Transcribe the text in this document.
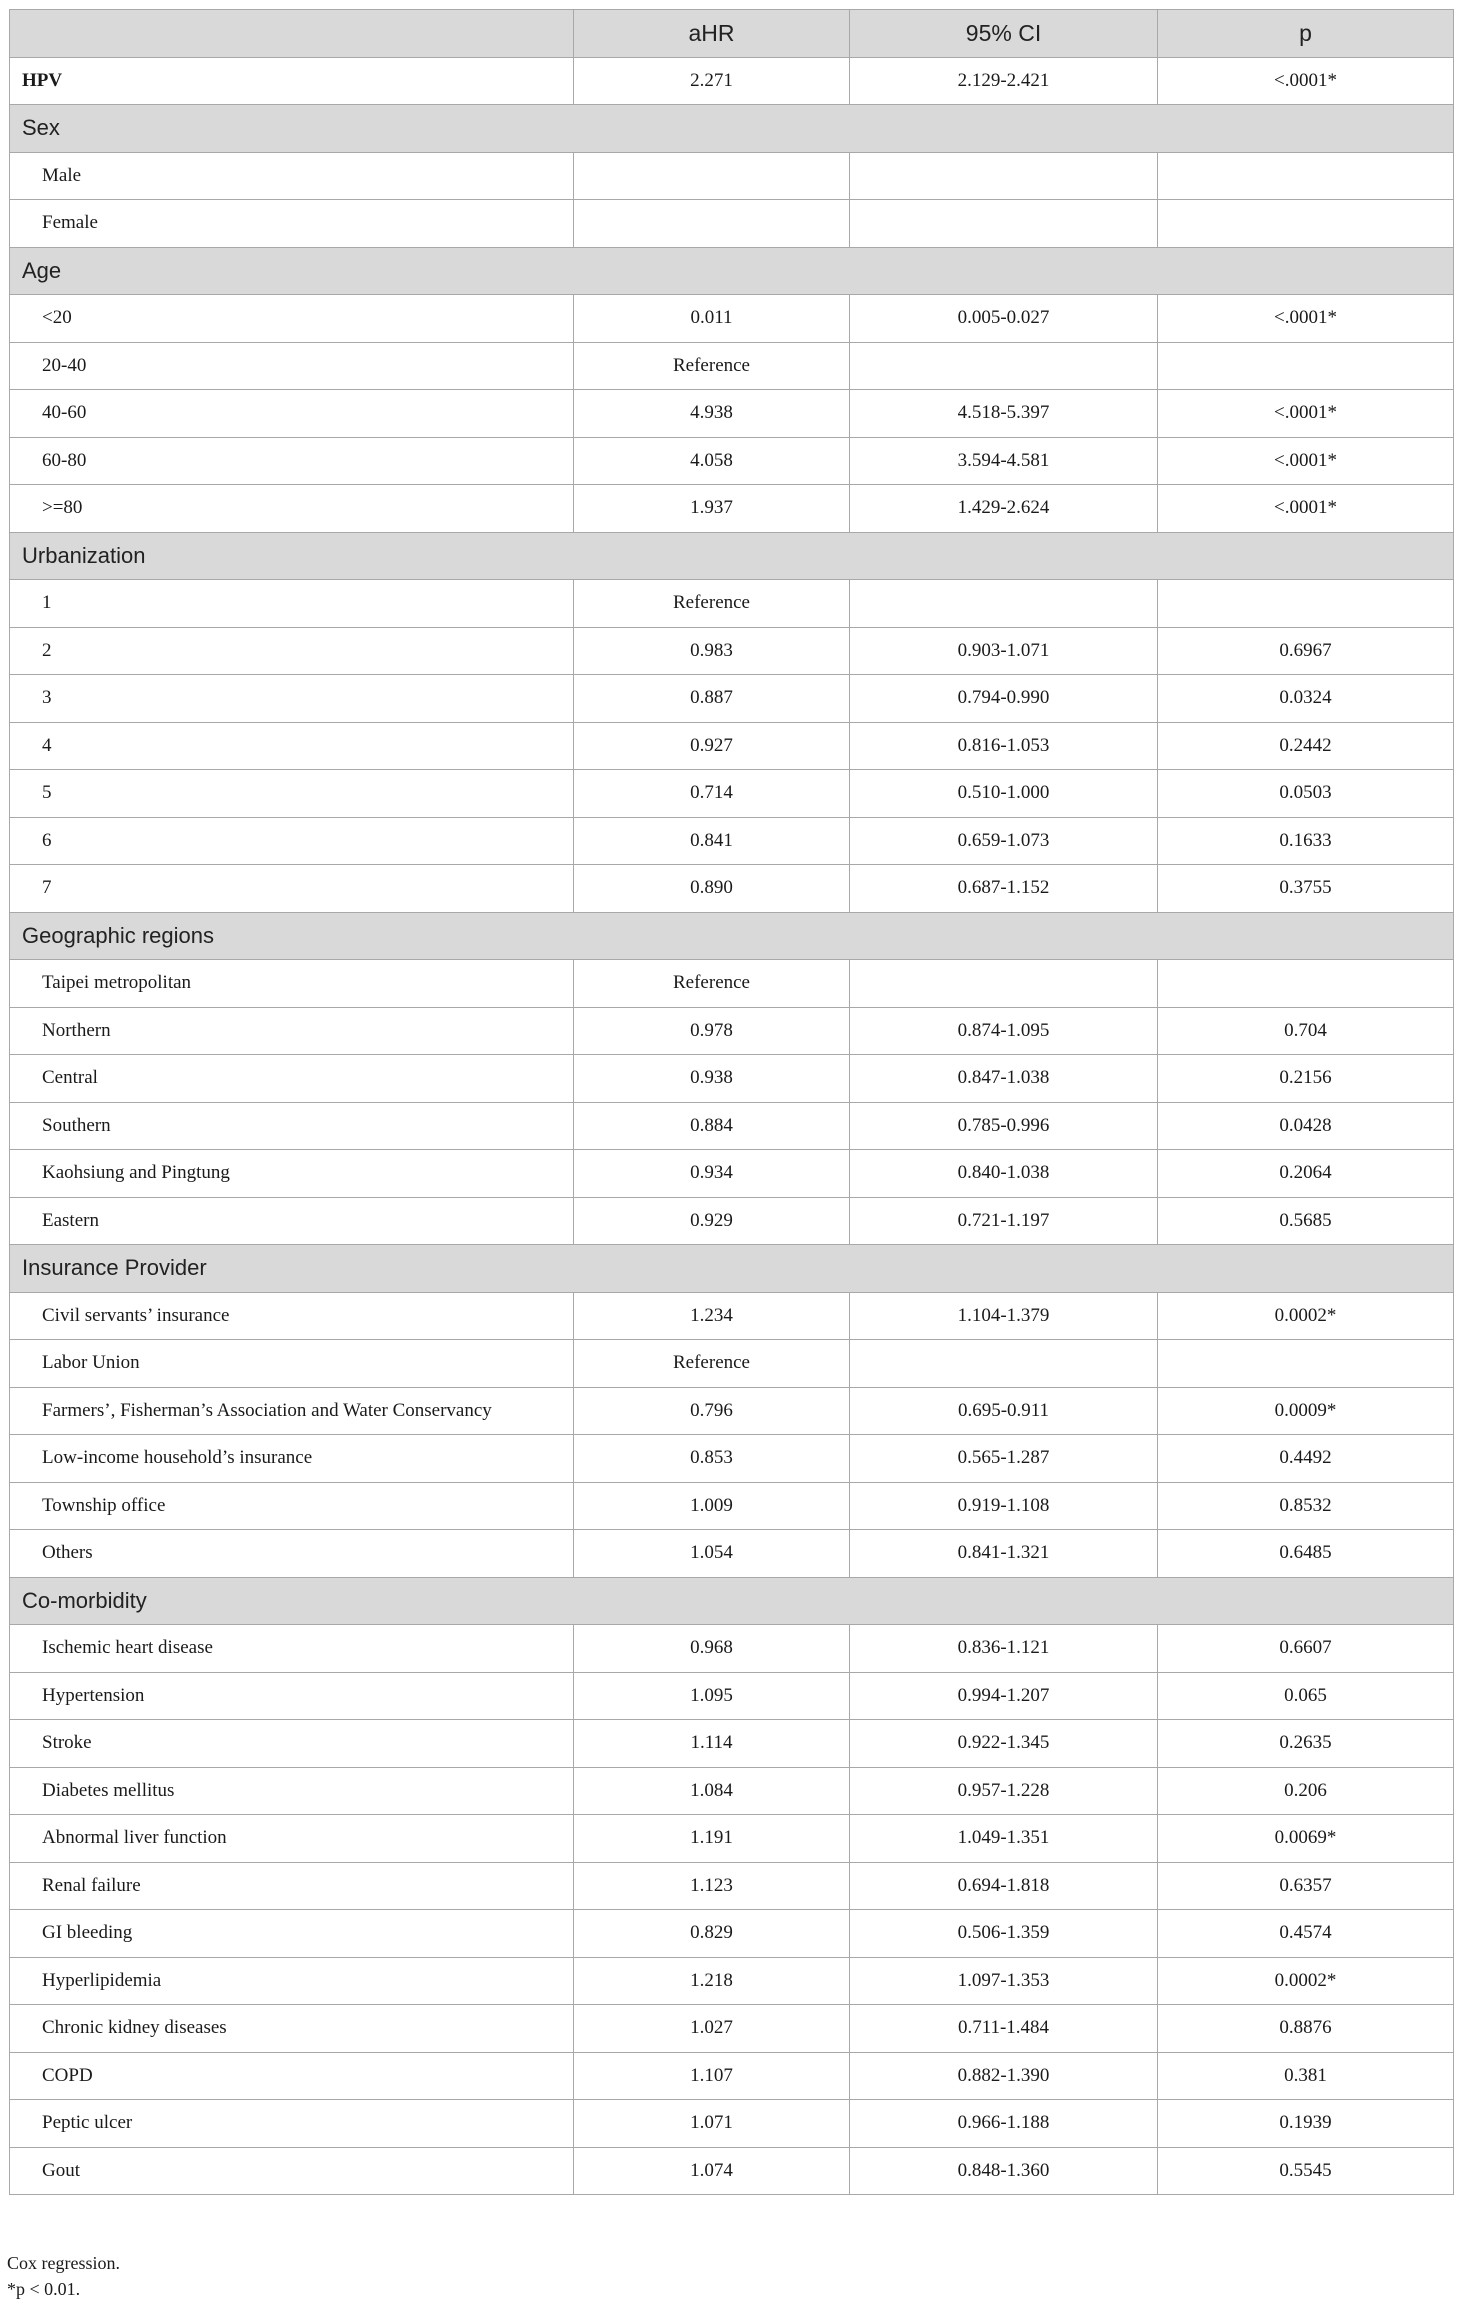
	aHR	95% CI	p
HPV	2.271	2.129-2.421	<.0001*
Sex			
Male			
Female			
Age			
<20	0.011	0.005-0.027	<.0001*
20-40	Reference		
40-60	4.938	4.518-5.397	<.0001*
60-80	4.058	3.594-4.581	<.0001*
>=80	1.937	1.429-2.624	<.0001*
Urbanization			
1	Reference		
2	0.983	0.903-1.071	0.6967
3	0.887	0.794-0.990	0.0324
4	0.927	0.816-1.053	0.2442
5	0.714	0.510-1.000	0.0503
6	0.841	0.659-1.073	0.1633
7	0.890	0.687-1.152	0.3755
Geographic regions			
Taipei metropolitan	Reference		
Northern	0.978	0.874-1.095	0.704
Central	0.938	0.847-1.038	0.2156
Southern	0.884	0.785-0.996	0.0428
Kaohsiung and Pingtung	0.934	0.840-1.038	0.2064
Eastern	0.929	0.721-1.197	0.5685
Insurance Provider			
Civil servants’ insurance	1.234	1.104-1.379	0.0002*
Labor Union	Reference		
Farmers’, Fisherman’s Association and Water Conservancy	0.796	0.695-0.911	0.0009*
Low-income household’s insurance	0.853	0.565-1.287	0.4492
Township office	1.009	0.919-1.108	0.8532
Others	1.054	0.841-1.321	0.6485
Co-morbidity			
Ischemic heart disease	0.968	0.836-1.121	0.6607
Hypertension	1.095	0.994-1.207	0.065
Stroke	1.114	0.922-1.345	0.2635
Diabetes mellitus	1.084	0.957-1.228	0.206
Abnormal liver function	1.191	1.049-1.351	0.0069*
Renal failure	1.123	0.694-1.818	0.6357
GI bleeding	0.829	0.506-1.359	0.4574
Hyperlipidemia	1.218	1.097-1.353	0.0002*
Chronic kidney diseases	1.027	0.711-1.484	0.8876
COPD	1.107	0.882-1.390	0.381
Peptic ulcer	1.071	0.966-1.188	0.1939
Gout	1.074	0.848-1.360	0.5545
Cox regression.
*p < 0.01.
